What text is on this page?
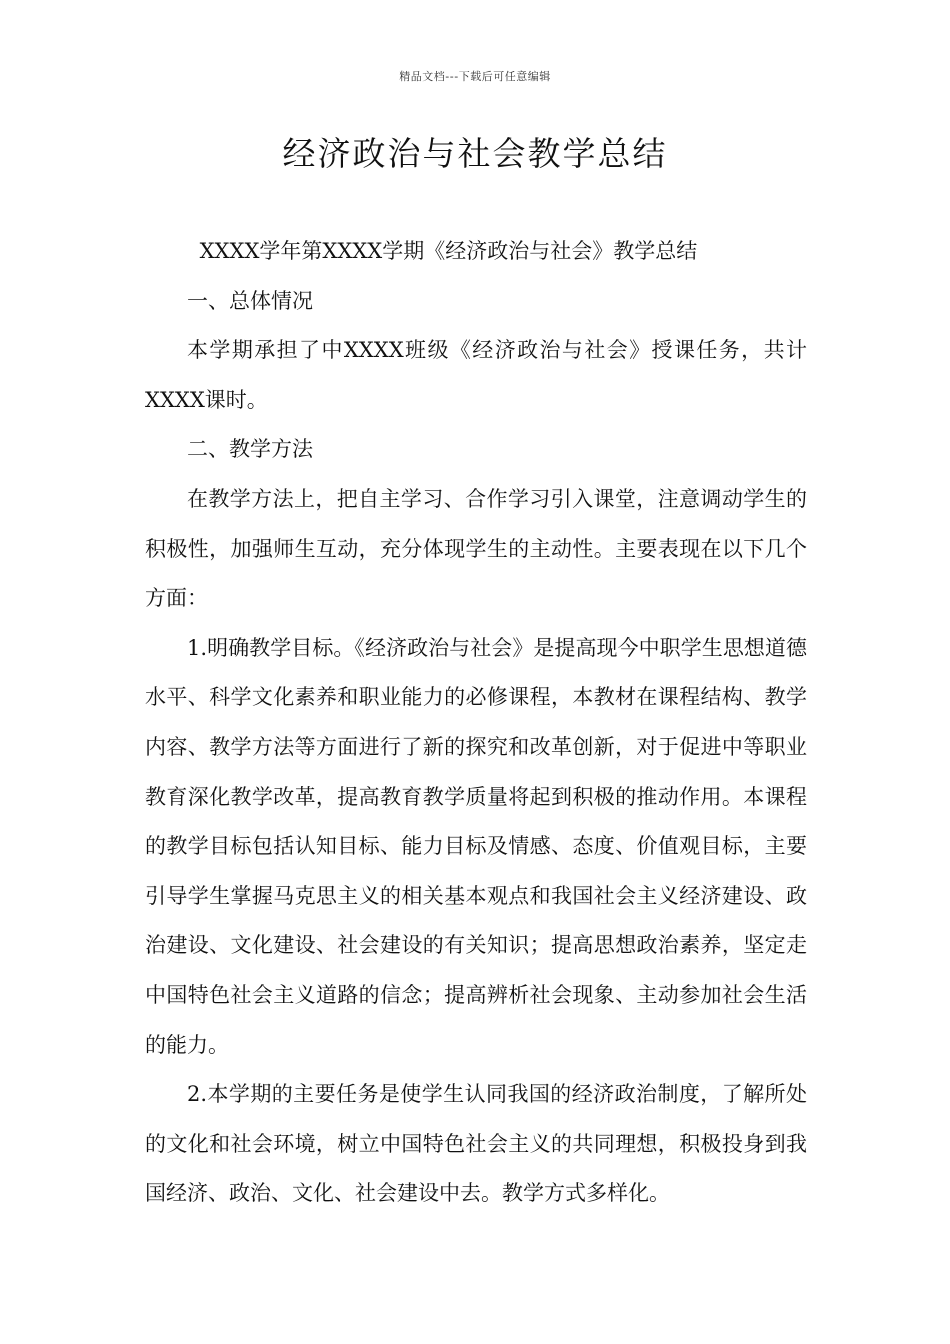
精品文档---下载后可任意编辑
经济政治与社会教学总结

XXXX学年第XXXX学期《经济政治与社会》教学总结

一、总体情况

本学期承担了中XXXX班级《经济政治与社会》授课任务，共计XXXX课时。

二、教学方法

在教学方法上，把自主学习、合作学习引入课堂，注意调动学生的积极性，加强师生互动，充分体现学生的主动性。主要表现在以下几个方面：

1.明确教学目标。《经济政治与社会》是提高现今中职学生思想道德水平、科学文化素养和职业能力的必修课程，本教材在课程结构、教学内容、教学方法等方面进行了新的探究和改革创新，对于促进中等职业教育深化教学改革，提高教育教学质量将起到积极的推动作用。本课程的教学目标包括认知目标、能力目标及情感、态度、价值观目标，主要引导学生掌握马克思主义的相关基本观点和我国社会主义经济建设、政治建设、文化建设、社会建设的有关知识；提高思想政治素养，坚定走中国特色社会主义道路的信念；提高辨析社会现象、主动参加社会生活的能力。

2.本学期的主要任务是使学生认同我国的经济政治制度，了解所处的文化和社会环境，树立中国特色社会主义的共同理想，积极投身到我国经济、政治、文化、社会建设中去。教学方式多样化。
